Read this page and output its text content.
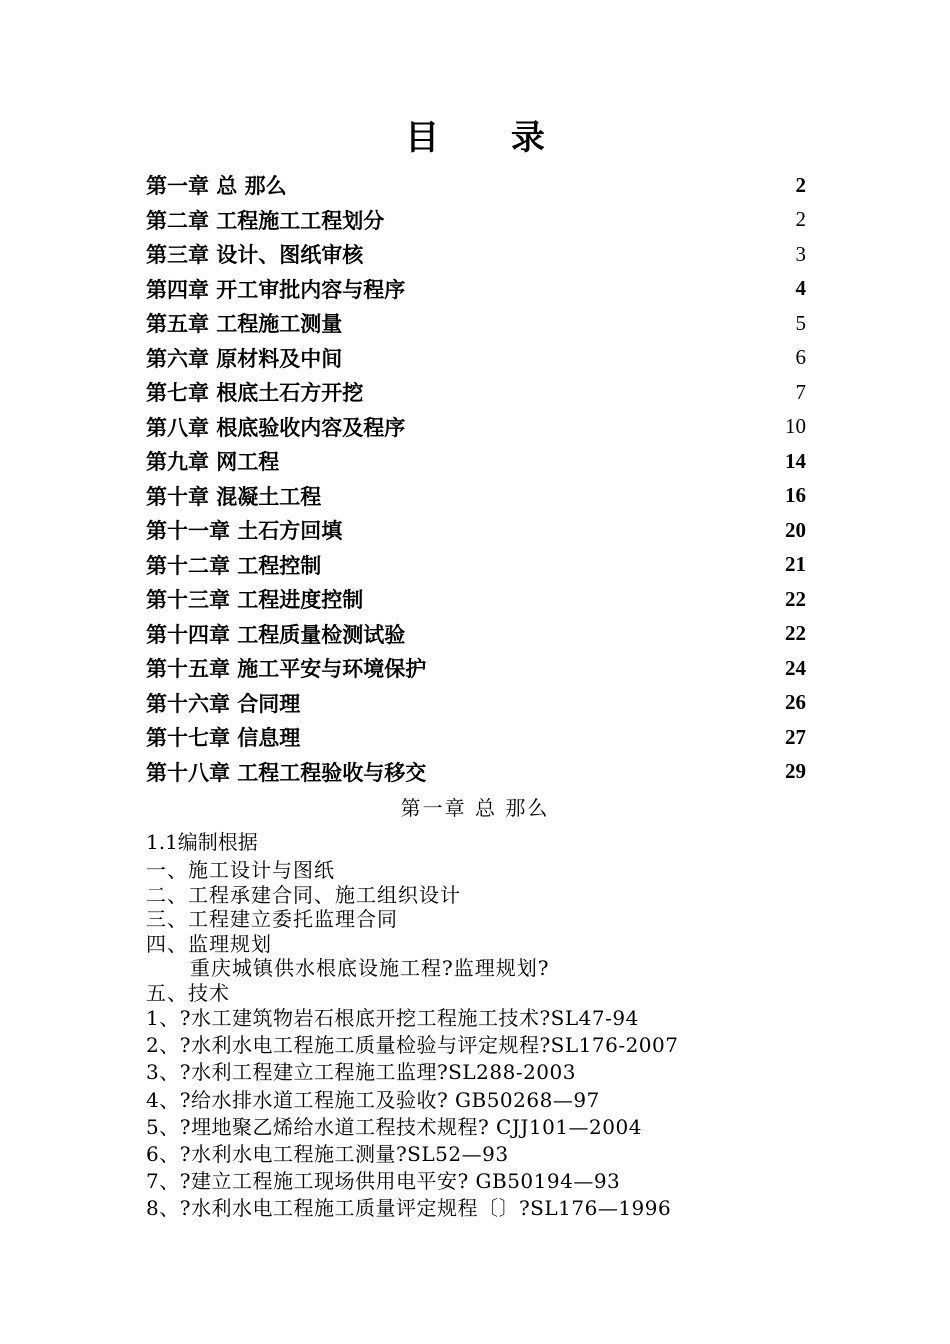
目 录
第一章 总 那么	2
第二章 工程施工工程划分	2
第三章 设计、图纸审核	3
第四章 开工审批内容与程序	4
第五章 工程施工测量	5
第六章 原材料及中间	6
第七章 根底土石方开挖	7
第八章 根底验收内容及程序	10
第九章 网工程	14
第十章 混凝土工程	16
第十一章 土石方回填	20
第十二章 工程控制	21
第十三章 工程进度控制	22
第十四章 工程质量检测试验	22
第十五章 施工平安与环境保护	24
第十六章 合同理	26
第十七章 信息理	27
第十八章 工程工程验收与移交	29
第一章 总 那么
1.1编制根据
一、施工设计与图纸
二、工程承建合同、施工组织设计
三、工程建立委托监理合同
四、监理规划
重庆城镇供水根底设施工程?监理规划?
五、技术
1、?水工建筑物岩石根底开挖工程施工技术?SL47-94
2、?水利水电工程施工质量检验与评定规程?SL176-2007
3、?水利工程建立工程施工监理?SL288-2003
4、?给水排水道工程施工及验收? GB50268—97
5、?埋地聚乙烯给水道工程技术规程? CJJ101—2004
6、?水利水电工程施工测量?SL52—93
7、?建立工程施工现场供用电平安? GB50194—93
8、?水利水电工程施工质量评定规程〔〕?SL176—1996
